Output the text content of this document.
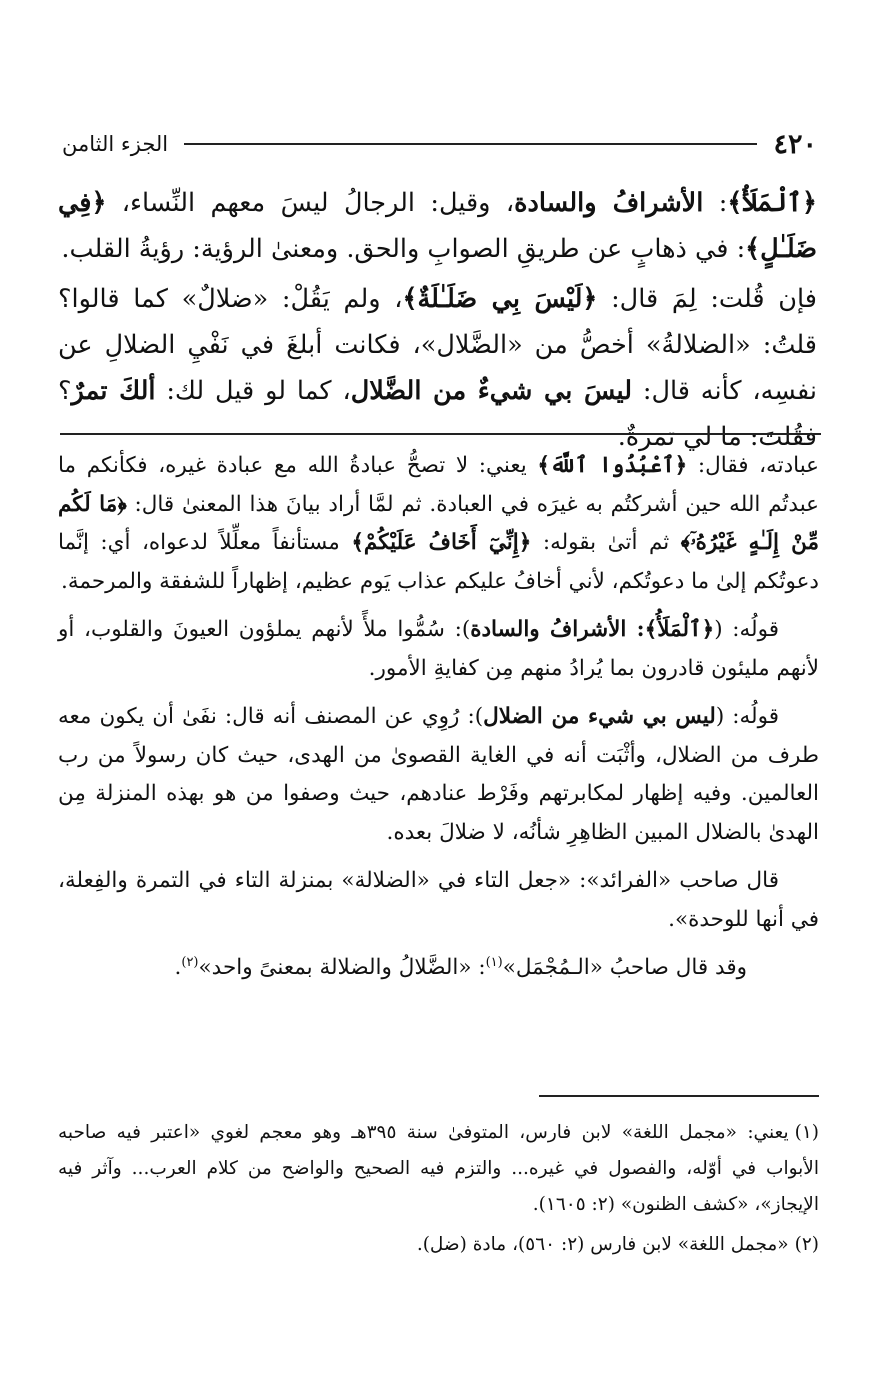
٤٢٠
الجزء الثامن

﴿ٱلْمَلَأُ﴾: الأشرافُ والسادة، وقيل: الرجالُ ليسَ معهم النِّساء، ﴿فِي ضَلَـٰلٍ﴾: في ذهابٍ عن طريقِ الصوابِ والحق. ومعنىٰ الرؤية: رؤيةُ القلب.

فإن قُلت: لِمَ قال: ﴿لَيْسَ بِي ضَلَـٰلَةٌ﴾، ولم يَقُلْ: «ضلالٌ» كما قالوا؟ قلتُ: «الضلالةُ» أخصُّ من «الضَّلال»، فكانت أبلغَ في نَفْيِ الضلالِ عن نفسِه، كأنه قال: ليسَ بي شيءٌ من الضَّلال، كما لو قيل لك: ألكَ تمرٌ؟ فقُلتَ: ما لي تمرةٌ.

عبادته، فقال: ﴿ٱعْبُدُوا ٱللَّهَ﴾ يعني: لا تصحُّ عبادةُ الله مع عبادة غيره، فكأنكم ما عبدتُم الله حين أشركتُم به غيرَه في العبادة. ثم لمَّا أراد بيانَ هذا المعنىٰ قال: ﴿مَا لَكُم مِّنْ إِلَـٰهٍ غَيْرُهُۥٓ﴾ ثم أتىٰ بقوله: ﴿إِنِّيٓ أَخَافُ عَلَيْكُمْ﴾ مستأنفاً معلِّلاً لدعواه، أي: إنَّما دعوتُكم إلىٰ ما دعوتُكم، لأني أخافُ عليكم عذاب يَوم عظيم، إظهاراً للشفقة والمرحمة.

قولُه: (﴿ٱلْمَلَأُ﴾: الأشرافُ والسادة): سُمُّوا ملأً لأنهم يملؤون العيونَ والقلوب، أو لأنهم مليئون قادرون بما يُرادُ منهم مِن كفايةِ الأمور.

قولُه: (ليس بي شيء من الضلال): رُوِي عن المصنف أنه قال: نفَىٰ أن يكون معه طرف من الضلال، وأثْبَت أنه في الغاية القصوىٰ من الهدى، حيث كان رسولاً من رب العالمين. وفيه إظهار لمكابرتهم وفَرْط عنادهم، حيث وصفوا من هو بهذه المنزلة مِن الهدىٰ بالضلال المبين الظاهِرِ شأنُه، لا ضلالَ بعده.

قال صاحب «الفرائد»: «جعل التاء في «الضلالة» بمنزلة التاء في التمرة والفِعلة، في أنها للوحدة».

وقد قال صاحبُ «الـمُجْمَل»$^{(١)}$: «الضَّلالُ والضلالة بمعنىً واحد»$^{(٢)}$.

(١)يعني: «مجمل اللغة» لابن فارس، المتوفىٰ سنة ٣٩٥هـ وهو معجم لغوي «اعتبر فيه صاحبه الأبواب في أوّله، والفصول في غيره... والتزم فيه الصحيح والواضح من كلام العرب... وآثر فيه الإيجاز»، «كشف الظنون» (٢: ١٦٠٥).

(٢)«مجمل اللغة» لابن فارس (٢: ٥٦٠)، مادة (ضل).
